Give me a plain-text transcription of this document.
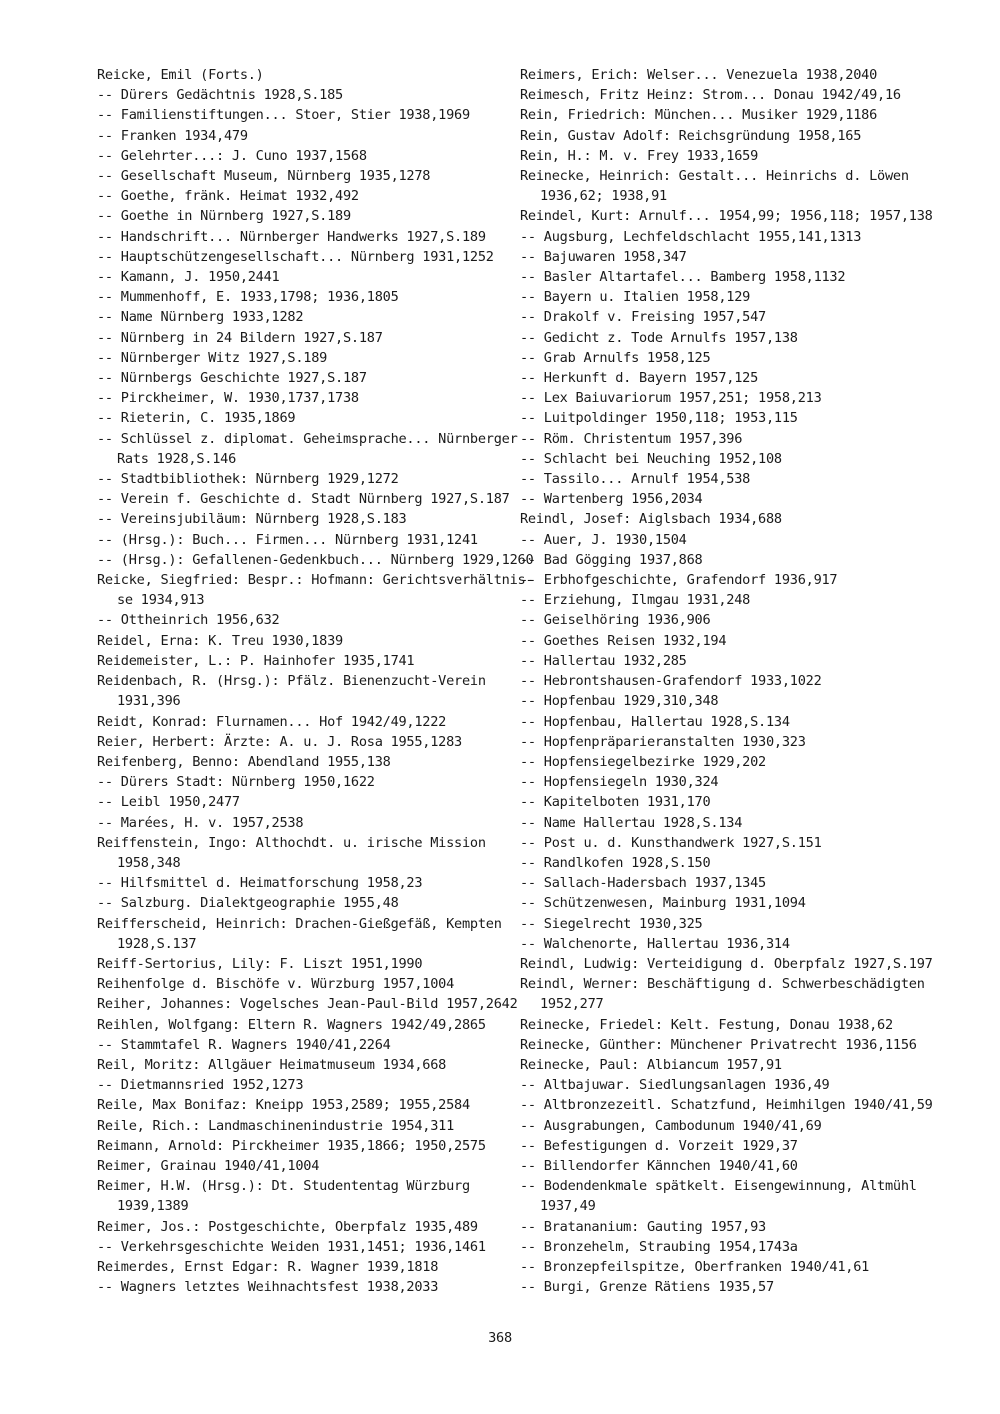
Reicke, Emil (Forts.)
-- Dürers Gedächtnis 1928,S.185
-- Familienstiftungen... Stoer, Stier 1938,1969
-- Franken 1934,479
-- Gelehrter...: J. Cuno 1937,1568
-- Gesellschaft Museum, Nürnberg 1935,1278
-- Goethe, fränk. Heimat 1932,492
-- Goethe in Nürnberg 1927,S.189
-- Handschrift... Nürnberger Handwerks 1927,S.189
-- Hauptschützengesellschaft... Nürnberg 1931,1252
-- Kamann, J. 1950,2441
-- Mummenhoff, E. 1933,1798; 1936,1805
-- Name Nürnberg 1933,1282
-- Nürnberg in 24 Bildern 1927,S.187
-- Nürnberger Witz 1927,S.189
-- Nürnbergs Geschichte 1927,S.187
-- Pirckheimer, W. 1930,1737,1738
-- Rieterin, C. 1935,1869
-- Schlüssel z. diplomat. Geheimsprache... Nürnberger
Rats 1928,S.146
-- Stadtbibliothek: Nürnberg 1929,1272
-- Verein f. Geschichte d. Stadt Nürnberg 1927,S.187
-- Vereinsjubiläum: Nürnberg 1928,S.183
-- (Hrsg.): Buch... Firmen... Nürnberg 1931,1241
-- (Hrsg.): Gefallenen-Gedenkbuch... Nürnberg 1929,1260
Reicke, Siegfried: Bespr.: Hofmann: Gerichtsverhältnis-
se 1934,913
-- Ottheinrich 1956,632
Reidel, Erna: K. Treu 1930,1839
Reidemeister, L.: P. Hainhofer 1935,1741
Reidenbach, R. (Hrsg.): Pfälz. Bienenzucht-Verein
1931,396
Reidt, Konrad: Flurnamen... Hof 1942/49,1222
Reier, Herbert: Ärzte: A. u. J. Rosa 1955,1283
Reifenberg, Benno: Abendland 1955,138
-- Dürers Stadt: Nürnberg 1950,1622
-- Leibl 1950,2477
-- Marées, H. v. 1957,2538
Reiffenstein, Ingo: Althochdt. u. irische Mission
1958,348
-- Hilfsmittel d. Heimatforschung 1958,23
-- Salzburg. Dialektgeographie 1955,48
Reifferscheid, Heinrich: Drachen-Gießgefäß, Kempten
1928,S.137
Reiff-Sertorius, Lily: F. Liszt 1951,1990
Reihenfolge d. Bischöfe v. Würzburg 1957,1004
Reiher, Johannes: Vogelsches Jean-Paul-Bild 1957,2642
Reihlen, Wolfgang: Eltern R. Wagners 1942/49,2865
-- Stammtafel R. Wagners 1940/41,2264
Reil, Moritz: Allgäuer Heimatmuseum 1934,668
-- Dietmannsried 1952,1273
Reile, Max Bonifaz: Kneipp 1953,2589; 1955,2584
Reile, Rich.: Landmaschinenindustrie 1954,311
Reimann, Arnold: Pirckheimer 1935,1866; 1950,2575
Reimer, Grainau 1940/41,1004
Reimer, H.W. (Hrsg.): Dt. Studententag Würzburg
1939,1389
Reimer, Jos.: Postgeschichte, Oberpfalz 1935,489
-- Verkehrsgeschichte Weiden 1931,1451; 1936,1461
Reimerdes, Ernst Edgar: R. Wagner 1939,1818
-- Wagners letztes Weihnachtsfest 1938,2033
Reimers, Erich: Welser... Venezuela 1938,2040
Reimesch, Fritz Heinz: Strom... Donau 1942/49,16
Rein, Friedrich: München... Musiker 1929,1186
Rein, Gustav Adolf: Reichsgründung 1958,165
Rein, H.: M. v. Frey 1933,1659
Reinecke, Heinrich: Gestalt... Heinrichs d. Löwen
1936,62; 1938,91
Reindel, Kurt: Arnulf... 1954,99; 1956,118; 1957,138
-- Augsburg, Lechfeldschlacht 1955,141,1313
-- Bajuwaren 1958,347
-- Basler Altartafel... Bamberg 1958,1132
-- Bayern u. Italien 1958,129
-- Drakolf v. Freising 1957,547
-- Gedicht z. Tode Arnulfs 1957,138
-- Grab Arnulfs 1958,125
-- Herkunft d. Bayern 1957,125
-- Lex Baiuvariorum 1957,251; 1958,213
-- Luitpoldinger 1950,118; 1953,115
-- Röm. Christentum 1957,396
-- Schlacht bei Neuching 1952,108
-- Tassilo... Arnulf 1954,538
-- Wartenberg 1956,2034
Reindl, Josef: Aiglsbach 1934,688
-- Auer, J. 1930,1504
-- Bad Gögging 1937,868
-- Erbhofgeschichte, Grafendorf 1936,917
-- Erziehung, Ilmgau 1931,248
-- Geiselhöring 1936,906
-- Goethes Reisen 1932,194
-- Hallertau 1932,285
-- Hebrontshausen-Grafendorf 1933,1022
-- Hopfenbau 1929,310,348
-- Hopfenbau, Hallertau 1928,S.134
-- Hopfenpräparieranstalten 1930,323
-- Hopfensiegelbezirke 1929,202
-- Hopfensiegeln 1930,324
-- Kapitelboten 1931,170
-- Name Hallertau 1928,S.134
-- Post u. d. Kunsthandwerk 1927,S.151
-- Randlkofen 1928,S.150
-- Sallach-Hadersbach 1937,1345
-- Schützenwesen, Mainburg 1931,1094
-- Siegelrecht 1930,325
-- Walchenorte, Hallertau 1936,314
Reindl, Ludwig: Verteidigung d. Oberpfalz 1927,S.197
Reindl, Werner: Beschäftigung d. Schwerbeschädigten
1952,277
Reinecke, Friedel: Kelt. Festung, Donau 1938,62
Reinecke, Günther: Münchener Privatrecht 1936,1156
Reinecke, Paul: Albiancum 1957,91
-- Altbajuwar. Siedlungsanlagen 1936,49
-- Altbronzezeitl. Schatzfund, Heimhilgen 1940/41,59
-- Ausgrabungen, Cambodunum 1940/41,69
-- Befestigungen d. Vorzeit 1929,37
-- Billendorfer Kännchen 1940/41,60
-- Bodendenkmale spätkelt. Eisengewinnung, Altmühl
1937,49
-- Bratananium: Gauting 1957,93
-- Bronzehelm, Straubing 1954,1743a
-- Bronzepfeilspitze, Oberfranken 1940/41,61
-- Burgi, Grenze Rätiens 1935,57
368
